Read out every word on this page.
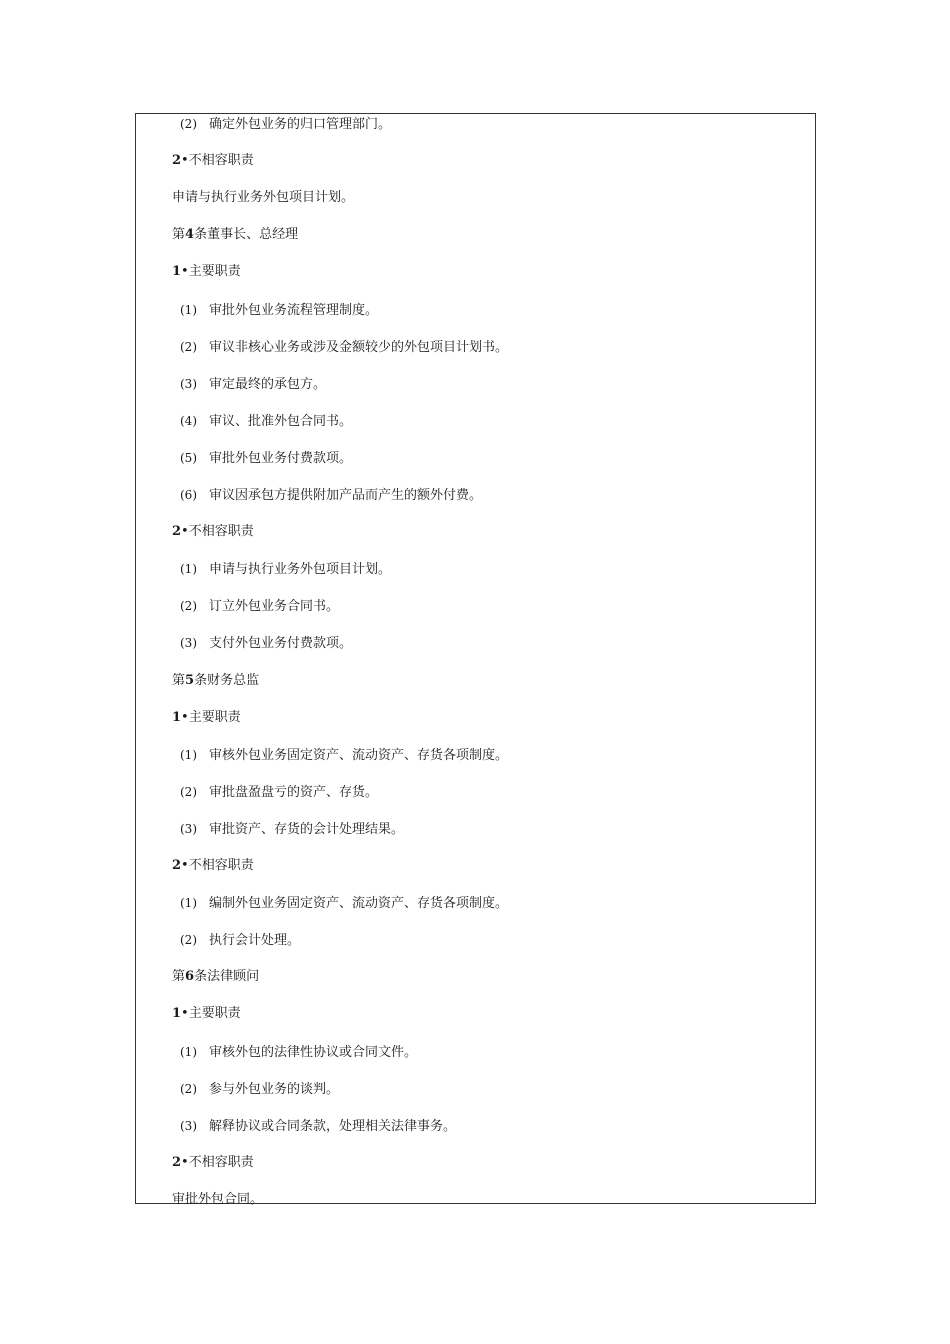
(2) 确定外包业务的归口管理部门。
2•不相容职责
申请与执行业务外包项目计划。
第4条董事长、总经理
1•主要职责
(1) 审批外包业务流程管理制度。
(2) 审议非核心业务或涉及金额较少的外包项目计划书。
(3) 审定最终的承包方。
(4) 审议、批准外包合同书。
(5) 审批外包业务付费款项。
(6) 审议因承包方提供附加产品而产生的额外付费。
2•不相容职责
(1) 申请与执行业务外包项目计划。
(2) 订立外包业务合同书。
(3) 支付外包业务付费款项。
第5条财务总监
1•主要职责
(1) 审核外包业务固定资产、流动资产、存货各项制度。
(2) 审批盘盈盘亏的资产、存货。
(3) 审批资产、存货的会计处理结果。
2•不相容职责
(1) 编制外包业务固定资产、流动资产、存货各项制度。
(2) 执行会计处理。
第6条法律顾问
1•主要职责
(1) 审核外包的法律性协议或合同文件。
(2) 参与外包业务的谈判。
(3) 解释协议或合同条款，处理相关法律事务。
2•不相容职责
审批外包合同。
